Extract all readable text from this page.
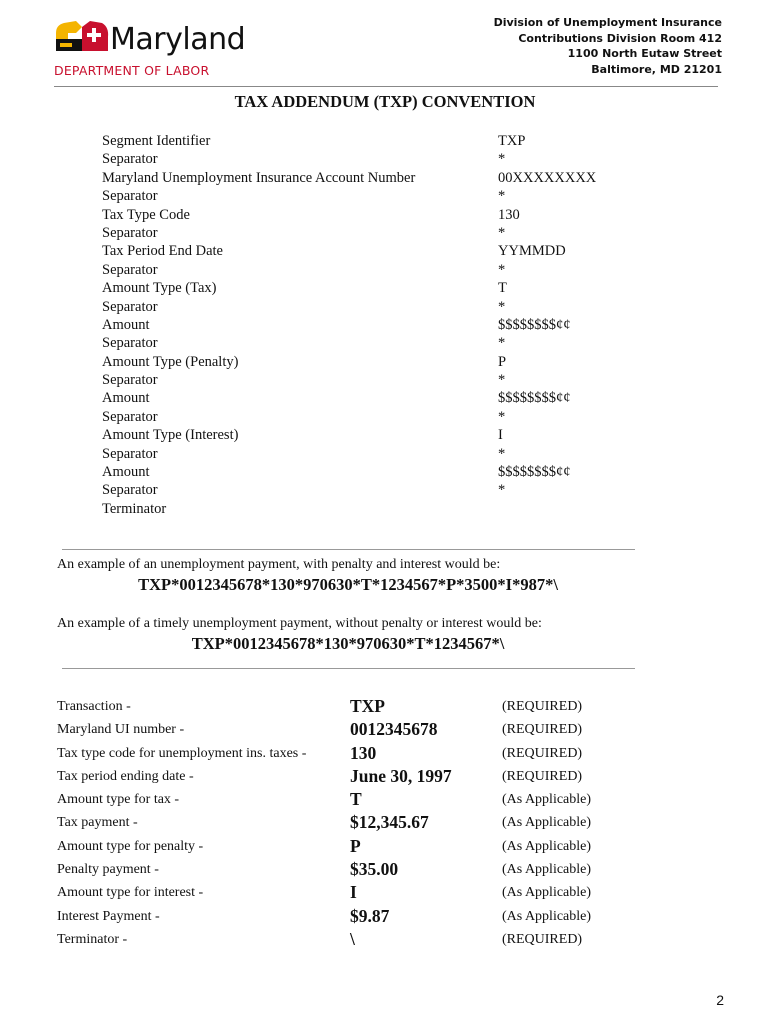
Maryland
DEPARTMENT OF LABOR
Division of Unemployment Insurance
Contributions Division Room 412
1100 North Eutaw Street
Baltimore, MD 21201
TAX ADDENDUM (TXP) CONVENTION
Segment Identifier	TXP
Separator	*
Maryland Unemployment Insurance Account Number	00XXXXXXXX
Separator	*
Tax Type Code	130
Separator	*
Tax Period End Date	YYMMDD
Separator	*
Amount Type (Tax)	T
Separator	*
Amount	$$$$$$$$¢¢
Separator	*
Amount Type (Penalty)	P
Separator	*
Amount	$$$$$$$$¢¢
Separator	*
Amount Type (Interest)	I
Separator	*
Amount	$$$$$$$$¢¢
Separator	*
Terminator
An example of an unemployment payment, with penalty and interest would be:
TXP*0012345678*130*970630*T*1234567*P*3500*I*987*\
An example of a timely unemployment payment, without penalty or interest would be:
TXP*0012345678*130*970630*T*1234567*\
Transaction -	TXP	(REQUIRED)
Maryland UI number -	0012345678	(REQUIRED)
Tax type code for unemployment ins. taxes - 130	(REQUIRED)
Tax period ending date -	June 30, 1997	(REQUIRED)
Amount type for tax -	T	(As Applicable)
Tax payment -	$12,345.67	(As Applicable)
Amount type for penalty -	P	(As Applicable)
Penalty payment -	$35.00	(As Applicable)
Amount type for interest -	I	(As Applicable)
Interest Payment -	$9.87	(As Applicable)
Terminator -	\	(REQUIRED)
2
